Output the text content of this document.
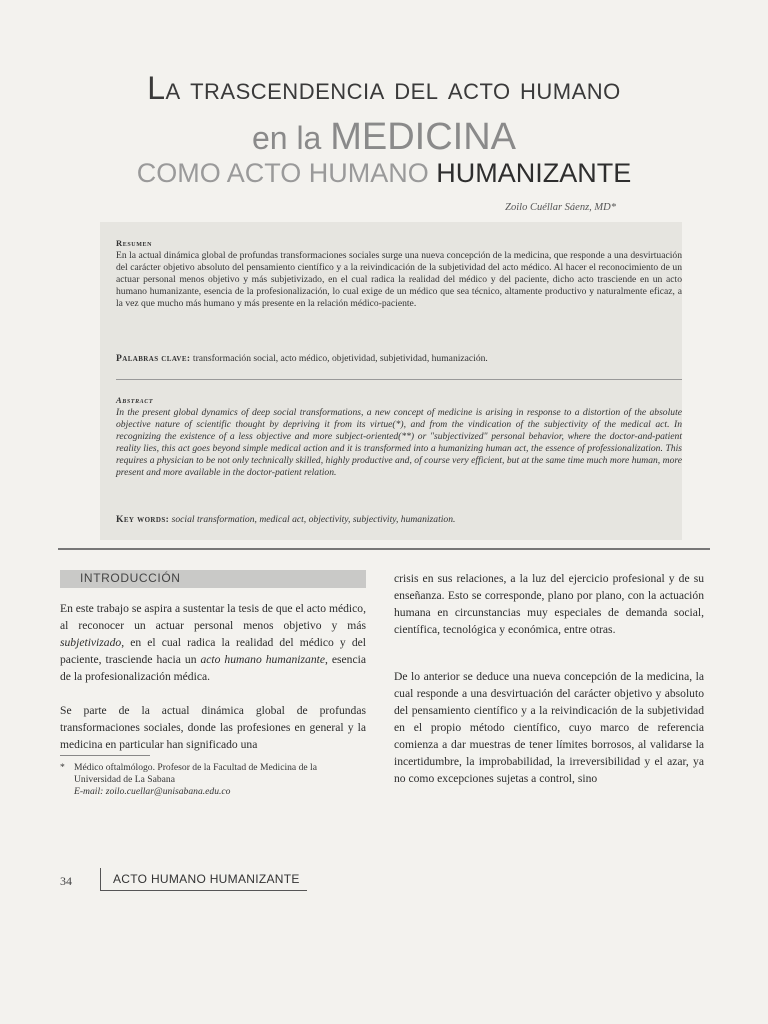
La trascendencia del acto humano
en la MEDICINA
COMO ACTO HUMANO HUMANIZANTE
Zoilo Cuéllar Sáenz, MD*
Resumen
En la actual dinámica global de profundas transformaciones sociales surge una nueva concepción de la medicina, que responde a una desvirtuación del carácter objetivo absoluto del pensamiento científico y a la reivindicación de la subjetividad del acto médico. Al hacer el reconocimiento de un actuar personal menos objetivo y más subjetivizado, en el cual radica la realidad del médico y del paciente, dicho acto trasciende en un acto humano humanizante, esencia de la profesionalización, lo cual exige de un médico que sea técnico, altamente productivo y naturalmente eficaz, a la vez que mucho más humano y más presente en la relación médico-paciente.
Palabras clave: transformación social, acto médico, objetividad, subjetividad, humanización.
Abstract
In the present global dynamics of deep social transformations, a new concept of medicine is arising in response to a distortion of the absolute objective nature of scientific thought by depriving it from its virtue(*), and from the vindication of the subjectivity of the medical act. In recognizing the existence of a less objective and more subject-oriented(**) or "subjectivized" personal behavior, where the doctor-and-patient reality lies, this act goes beyond simple medical action and it is transformed into a humanizing human act, the essence of professionalization. This requires a physician to be not only technically skilled, highly productive and, of course very efficient, but at the same time much more human, more present and more available in the doctor-patient relation.
Key words: social transformation, medical act, objectivity, subjectivity, humanization.
INTRODUCCIÓN
En este trabajo se aspira a sustentar la tesis de que el acto médico, al reconocer un actuar personal menos objetivo y más subjetivizado, en el cual radica la realidad del médico y del paciente, trasciende hacia un acto humano humanizante, esencia de la profesionalización médica.
Se parte de la actual dinámica global de profundas transformaciones sociales, donde las profesiones en general y la medicina en particular han significado una
* Médico oftalmólogo. Profesor de la Facultad de Medicina de la Universidad de La Sabana
E-mail: zoilo.cuellar@unisabana.edu.co
crisis en sus relaciones, a la luz del ejercicio profesional y de su enseñanza. Esto se corresponde, plano por plano, con la actuación humana en circunstancias muy especiales de demanda social, científica, tecnológica y económica, entre otras.
De lo anterior se deduce una nueva concepción de la medicina, la cual responde a una desvirtuación del carácter objetivo y absoluto del pensamiento científico y a la reivindicación de la subjetividad en el propio método científico, cuyo marco de referencia comienza a dar muestras de tener límites borrosos, al validarse la incertidumbre, la improbabilidad, la irreversibilidad y el azar, ya no como excepciones sujetas a control, sino
34	ACTO HUMANO HUMANIZANTE
